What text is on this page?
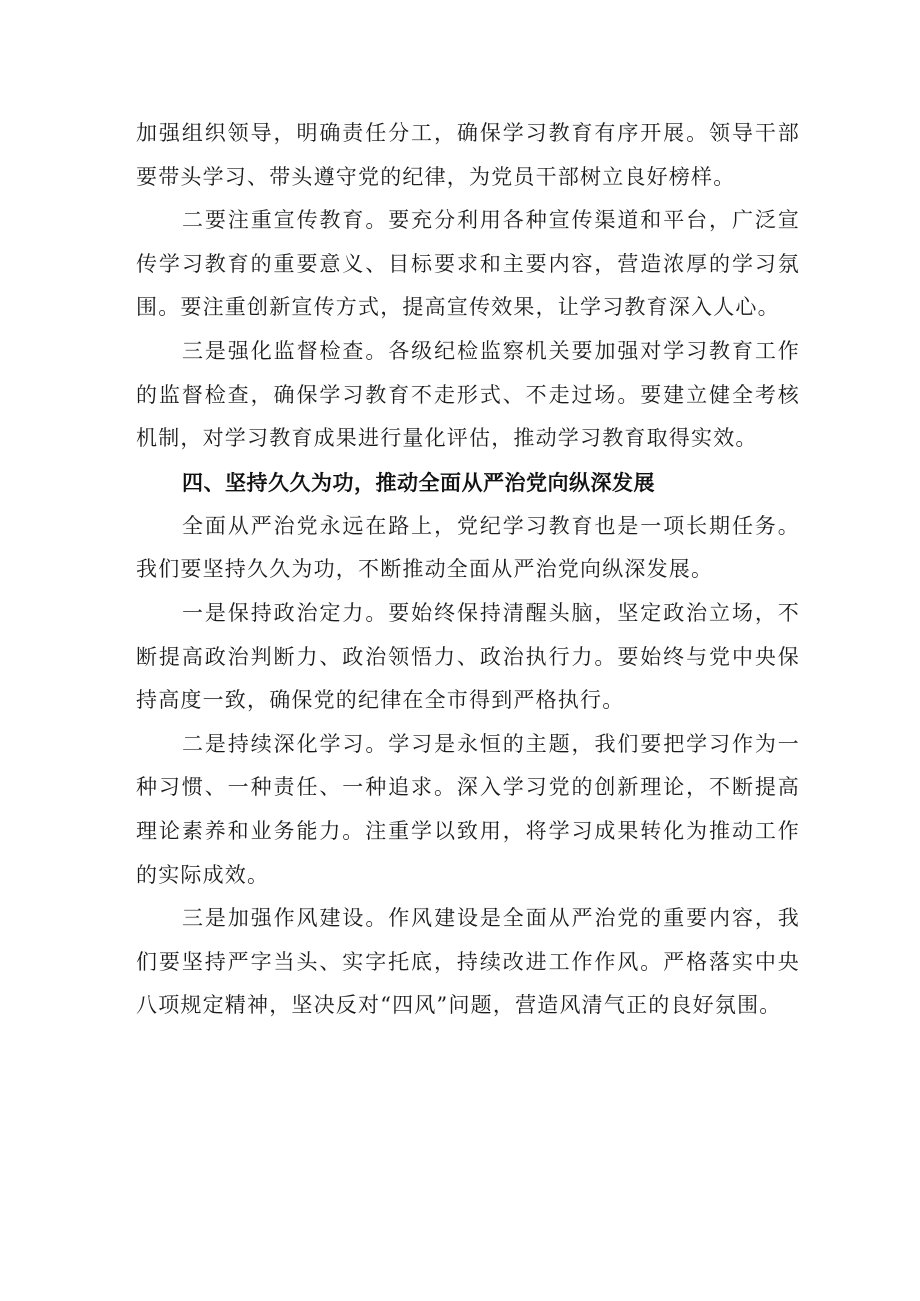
加强组织领导，明确责任分工，确保学习教育有序开展。领导干部要带头学习、带头遵守党的纪律，为党员干部树立良好榜样。

二要注重宣传教育。要充分利用各种宣传渠道和平台，广泛宣传学习教育的重要意义、目标要求和主要内容，营造浓厚的学习氛围。要注重创新宣传方式，提高宣传效果，让学习教育深入人心。

三是强化监督检查。各级纪检监察机关要加强对学习教育工作的监督检查，确保学习教育不走形式、不走过场。要建立健全考核机制，对学习教育成果进行量化评估，推动学习教育取得实效。

四、坚持久久为功，推动全面从严治党向纵深发展

全面从严治党永远在路上，党纪学习教育也是一项长期任务。我们要坚持久久为功，不断推动全面从严治党向纵深发展。

一是保持政治定力。要始终保持清醒头脑，坚定政治立场，不断提高政治判断力、政治领悟力、政治执行力。要始终与党中央保持高度一致，确保党的纪律在全市得到严格执行。

二是持续深化学习。学习是永恒的主题，我们要把学习作为一种习惯、一种责任、一种追求。深入学习党的创新理论，不断提高理论素养和业务能力。注重学以致用，将学习成果转化为推动工作的实际成效。

三是加强作风建设。作风建设是全面从严治党的重要内容，我们要坚持严字当头、实字托底，持续改进工作作风。严格落实中央八项规定精神，坚决反对“四风”问题，营造风清气正的良好氛围。
